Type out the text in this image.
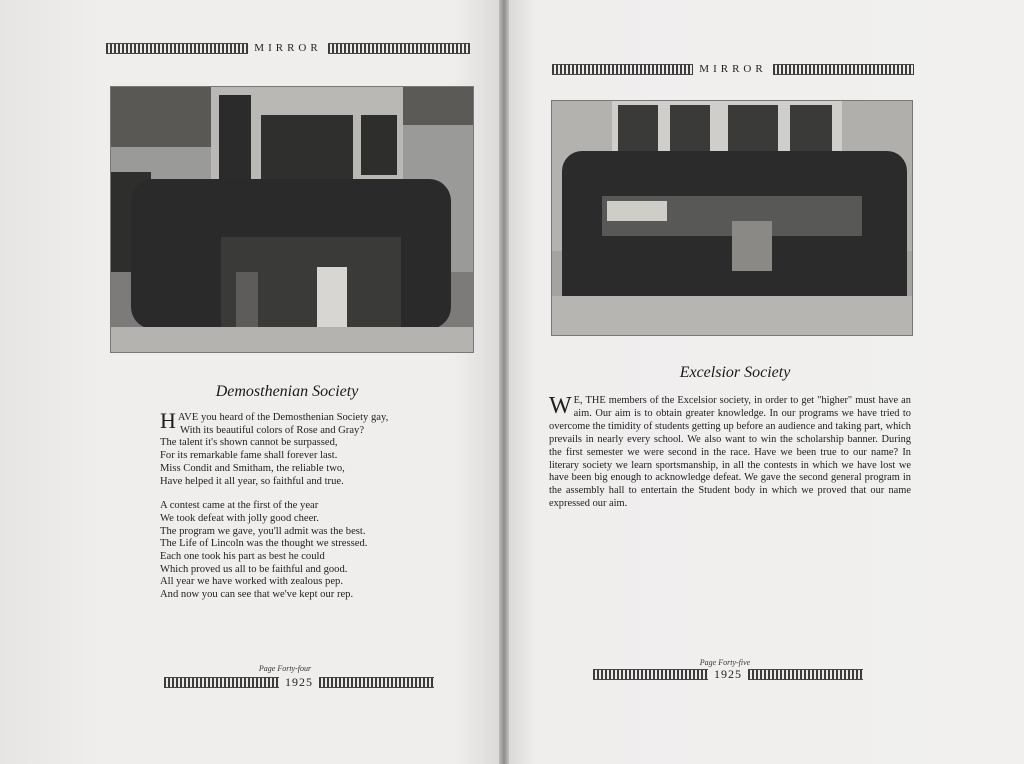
MIRROR
Demosthenian Society
H AVE you heard of the Demosthenian Society gay,
With its beautiful colors of Rose and Gray?
The talent it's shown cannot be surpassed,
For its remarkable fame shall forever last.
Miss Condit and Smitham, the reliable two,
Have helped it all year, so faithful and true.
A contest came at the first of the year
We took defeat with jolly good cheer.
The program we gave, you'll admit was the best.
The Life of Lincoln was the thought we stressed.
Each one took his part as best he could
Which proved us all to be faithful and good.
All year we have worked with zealous pep.
And now you can see that we've kept our rep.
Page Forty-four
1925
MIRROR
Excelsior Society
W E, THE members of the Excelsior society, in order to get "higher" must have an aim. Our aim is to obtain greater knowledge. In our programs we have tried to overcome the timidity of students getting up before an audience and taking part, which prevails in nearly every school. We also want to win the scholarship banner. During the first semester we were second in the race. Have we been true to our name? In literary society we learn sportsmanship, in all the contests in which we have lost we have been big enough to acknowledge defeat. We gave the second general program in the assembly hall to entertain the Student body in which we proved that our name expressed our aim.
Page Forty-five
1925
